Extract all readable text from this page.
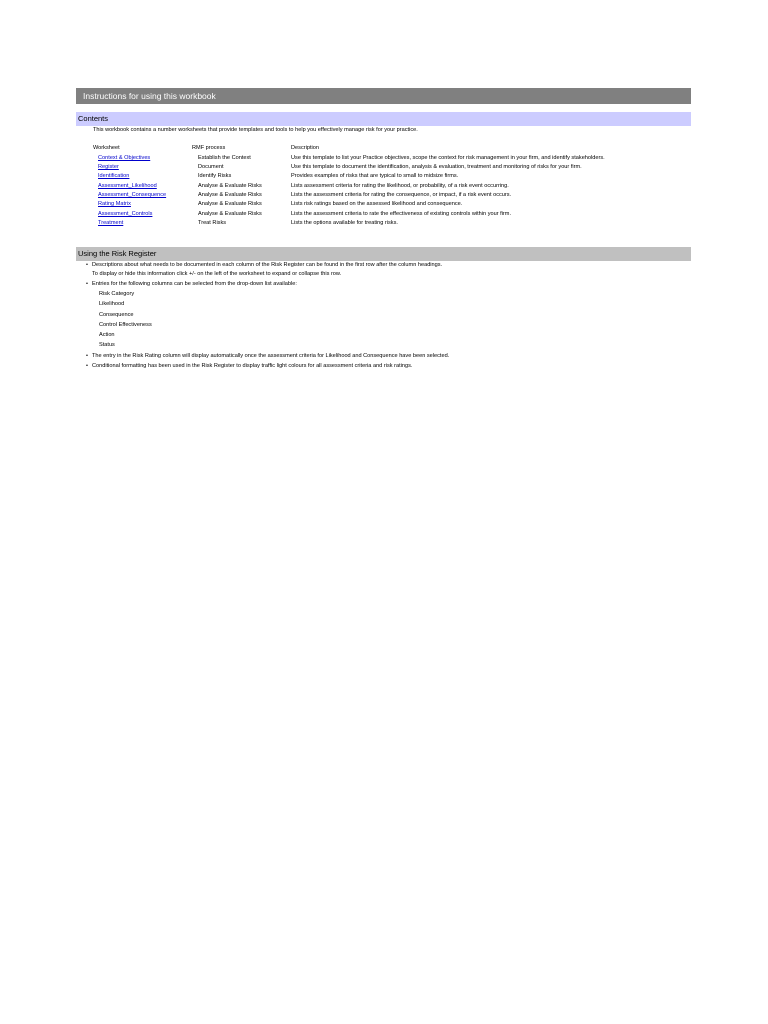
Instructions for using this workbook
Contents
This workbook contains a number worksheets that provide templates and tools to help you effectively manage risk for your practice.
Worksheet	RMF process	Description
Context & Objectives	Establish the Context	Use this template to list your Practice objectives, scope the context for risk management in your firm, and identify stakeholders.
Register	Document	Use this template to document the identification, analysis & evaluation, treatment and monitoring of risks for your firm.
Identification	Identify Risks	Provides examples of risks that are typical to small to midsize firms.
Assessment_Likelihood	Analyse & Evaluate Risks	Lists assessment criteria for rating the likelihood, or probability, of a risk event occurring.
Assessment_Consequence	Analyse & Evaluate Risks	Lists the assessment criteria for rating the consequence, or impact, if a risk event occurs.
Rating Matrix	Analyse & Evaluate Risks	Lists risk ratings based on the assessed likelihood and consequence.
Assessment_Controls	Analyse & Evaluate Risks	Lists the assessment criteria to rate the effectiveness of existing controls within your firm.
Treatment	Treat Risks	Lists the options available for treating risks.
Using the Risk Register
• Descriptions about what needs to be documented in each column of the Risk Register can be found in the first row after the column headings.
To display or hide this information click +/- on the left of the worksheet to expand or collapse this row.
• Entries for the following columns can be selected from the drop-down list available:
Risk Category
Likelihood
Consequence
Control Effectiveness
Action
Status
• The entry in the Risk Rating column will display automatically once the assessment criteria for Likelihood and Consequence have been selected.
• Conditional formatting has been used in the Risk Register to display traffic light colours for all assessment criteria and risk ratings.
